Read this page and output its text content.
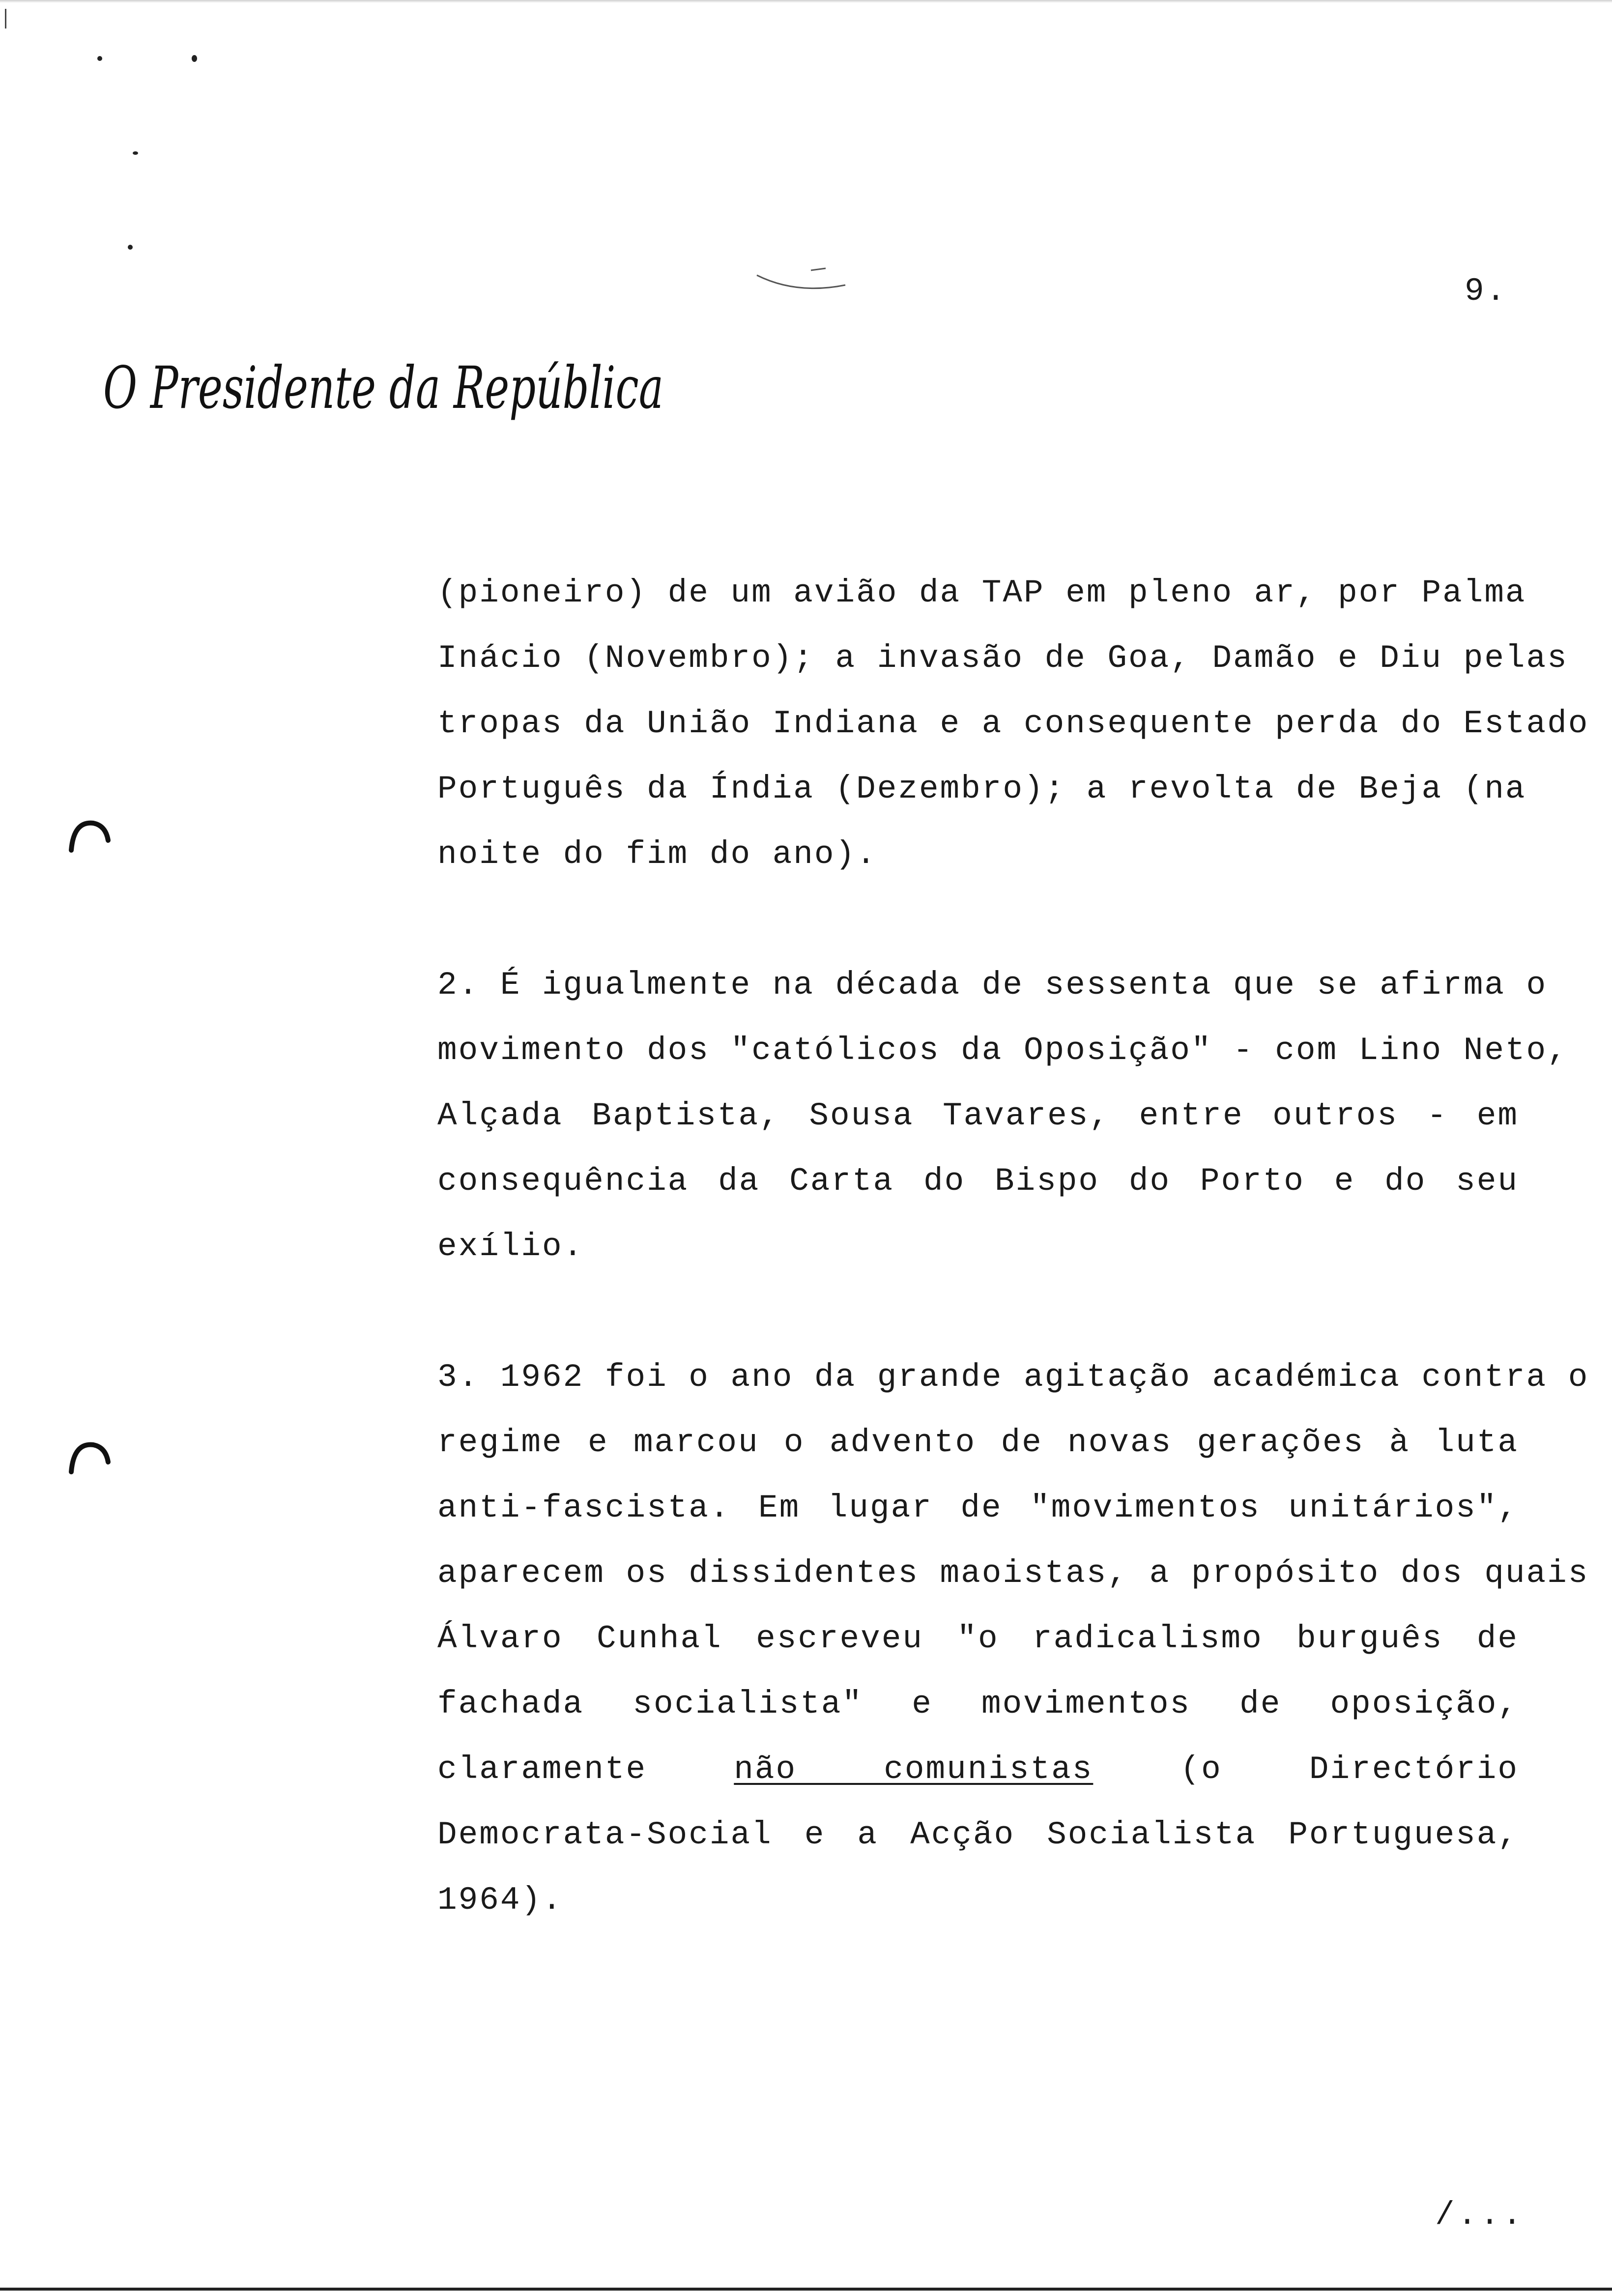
9.
O Presidente da República

(pioneiro) de um avião da TAP em pleno ar, por Palma

Inácio (Novembro); a invasão de Goa, Damão e Diu pelas

tropas da União Indiana e a consequente perda do Estado

Português da Índia (Dezembro); a revolta de Beja (na

noite do fim do ano).

2. É igualmente na década de sessenta que se afirma o

movimento dos "católicos da Oposição" - com Lino Neto,

Alçada Baptista, Sousa Tavares, entre outros - em

consequência da Carta do Bispo do Porto e do seu

exílio.

3. 1962 foi o ano da grande agitação académica contra o

regime e marcou o advento de novas gerações à luta

anti-fascista. Em lugar de "movimentos unitários",

aparecem os dissidentes maoistas, a propósito dos quais

Álvaro Cunhal escreveu "o radicalismo burguês de

fachada socialista" e movimentos de oposição,

claramente não comunistas (o Directório

Democrata-Social e a Acção Socialista Portuguesa,

1964).

/...
